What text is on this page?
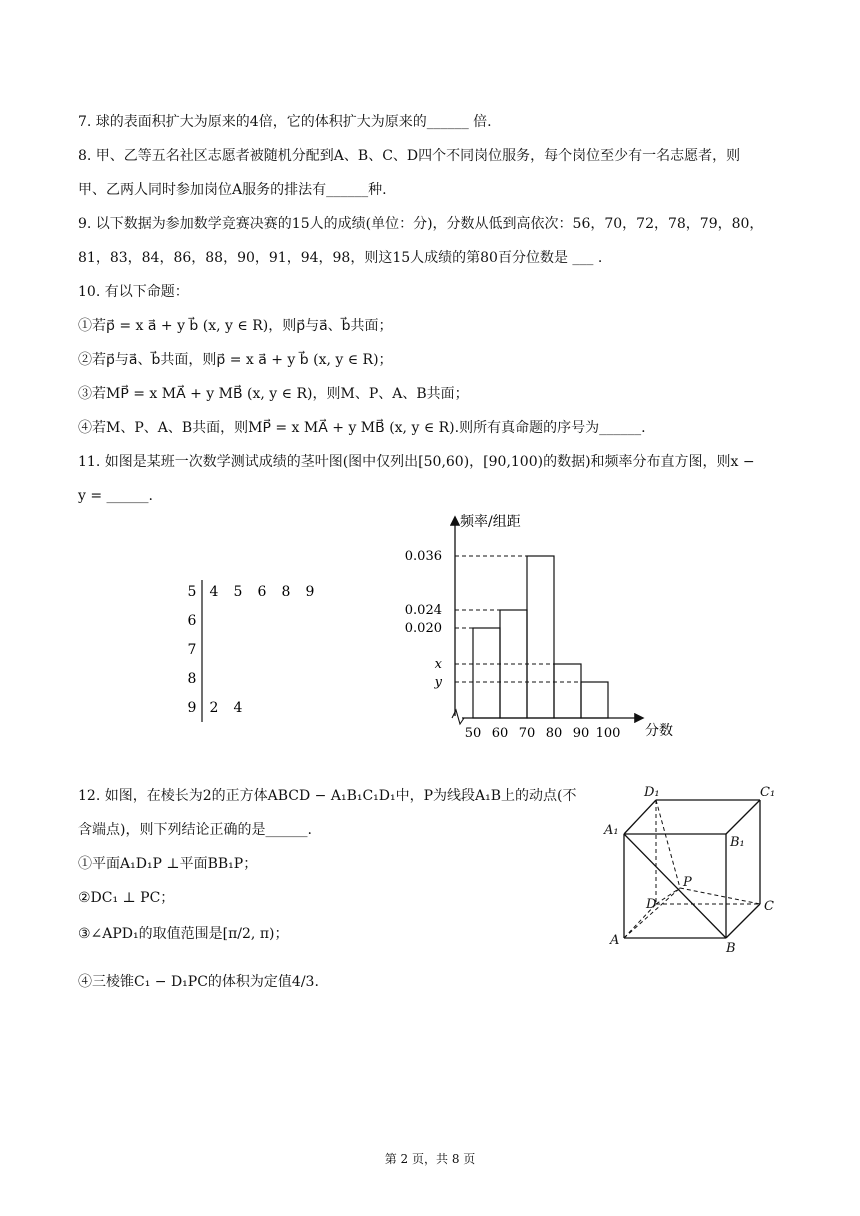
7. 球的表面积扩大为原来的4倍，它的体积扩大为原来的______ 倍.
8. 甲、乙等五名社区志愿者被随机分配到A、B、C、D四个不同岗位服务，每个岗位至少有一名志愿者，则
甲、乙两人同时参加岗位A服务的排法有______种.
9. 以下数据为参加数学竞赛决赛的15人的成绩(单位：分)，分数从低到高依次：56，70，72，78，79，80，
81，83，84，86，88，90，91，94，98，则这15人成绩的第80百分位数是 ___ .
10. 有以下命题：
①若p⃗ = x a⃗ + y b⃗ (x, y ∈ R)，则p⃗与a⃗、b⃗共面；
②若p⃗与a⃗、b⃗共面，则p⃗ = x a⃗ + y b⃗ (x, y ∈ R)；
③若MP⃗ = x MA⃗ + y MB⃗ (x, y ∈ R)，则M、P、A、B共面；
④若M、P、A、B共面，则MP⃗ = x MA⃗ + y MB⃗ (x, y ∈ R).则所有真命题的序号为______.
11. 如图是某班一次数学测试成绩的茎叶图(图中仅列出[50,60)，[90,100)的数据)和频率分布直方图，则x −
y = ______.
5 4 5 6 8 9
6
7
8
9 2 4
频率/组距
分数
0.036
0.024
0.020
x
y
50 60 70 80 90 100
12. 如图，在棱长为2的正方体ABCD − A₁B₁C₁D₁中，P为线段A₁B上的动点(不
含端点)，则下列结论正确的是______.
①平面A₁D₁P ⊥平面BB₁P；
②DC₁ ⊥ PC；
③∠APD₁的取值范围是[π/2, π)；
④三棱锥C₁ − D₁PC的体积为定值4/3.
D₁	C₁
A₁
B₁
P
D	C
A
B
第 2 页，共 8 页
